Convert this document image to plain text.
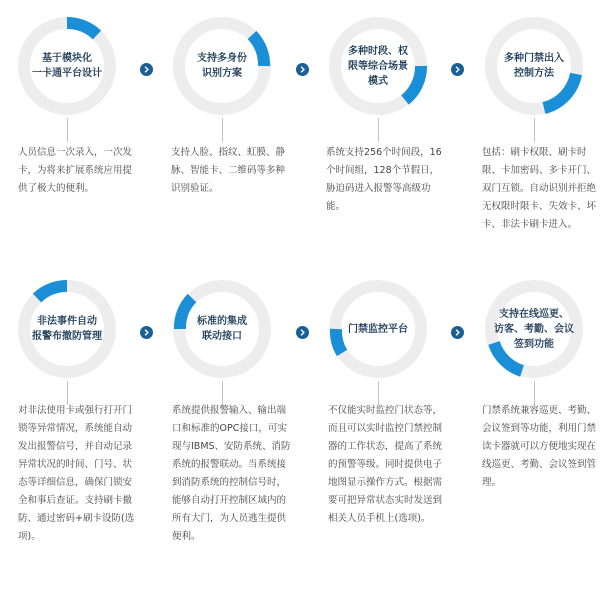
基于模块化
一卡通平台设计
人员信息一次录入，一次发卡，为将来扩展系统应用提供了极大的便利。
支持多身份
识别方案
支持人脸、指纹、虹膜、静脉、智能卡、二维码等多种识别验证。
多种时段、权
限等综合场景
模式
系统支持256个时间段，16个时间组，128个节假日，胁迫码进入报警等高级功能。
多种门禁出入
控制方法
包括：刷卡权限、刷卡时限、卡加密码、多卡开门、双门互锁。自动识别并拒绝无权限时限卡、失效卡、坏卡、非法卡刷卡进入。
非法事件自动
报警布撤防管理
对非法使用卡或强行打开门锁等异常情况，系统能自动发出报警信号，并自动记录异常状况的时间、门号、状态等详细信息，确保门锁安全和事后查证。支持刷卡撤防、通过密码+刷卡设防(选项)。
标准的集成
联动接口
系统提供报警输入、输出端口和标准的OPC接口，可实现与IBMS、安防系统、消防系统的报警联动。当系统接到消防系统的控制信号时，能够自动打开控制区域内的所有大门，为人员逃生提供便利。
门禁监控平台
不仅能实时监控门状态等，而且可以实时监控门禁控制器的工作状态，提高了系统的预警等级。同时提供电子地图显示操作方式。根据需要可把异常状态实时发送到相关人员手机上(选项)。
支持在线巡更、
访客、考勤、会议
签到功能
门禁系统兼容巡更、考勤、会议签到等功能，利用门禁读卡器就可以方便地实现在线巡更、考勤、会议签到管理。
